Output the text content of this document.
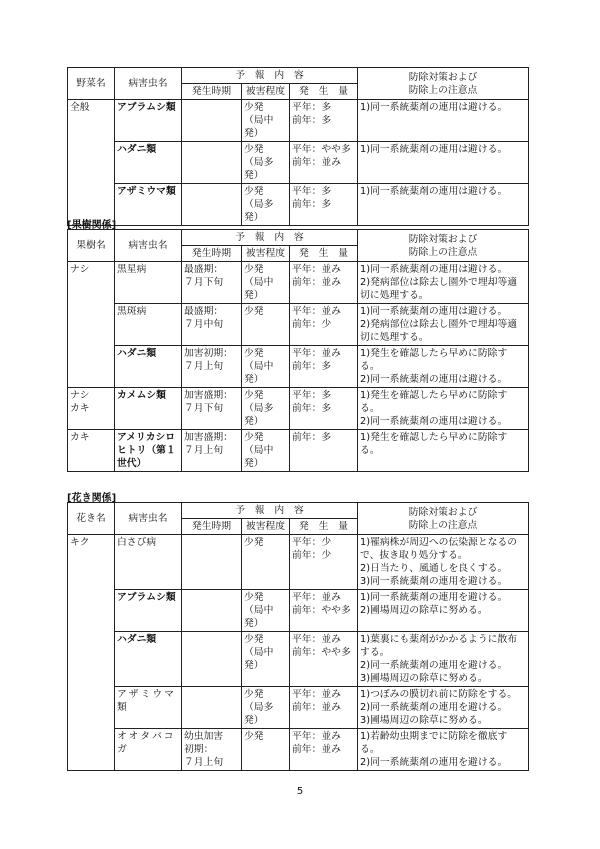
野菜名	病害虫名	予　報　内　容			防除対策および
防除上の注意点
		発生時期	被害程度	発　生　量	
全般	アブラムシ類		少発
（局中発）	平年：多
前年：多	1)同一系統薬剤の連用は避ける。
	ハダニ類		少発
（局多発）	平年：やや多
前年：並み	1)同一系統薬剤の連用は避ける。
	アザミウマ類		少発
（局多発）	平年：多
前年：多	1)同一系統薬剤の連用は避ける。
[果樹関係]
果樹名	病害虫名	予　報　内　容			防除対策および
防除上の注意点
		発生時期	被害程度	発　生　量	
ナシ	黒星病	最盛期：
７月下旬	少発
（局中発）	平年：並み
前年：並み	1)同一系統薬剤の連用は避ける。
2)発病部位は除去し園外で埋却等適
切に処理する。
	黒斑病	最盛期：
７月中旬	少発	平年：並み
前年：少	1)同一系統薬剤の連用は避ける。
2)発病部位は除去し園外で埋却等適
切に処理する。
	ハダニ類	加害初期：
７月上旬	少発
（局中発）	平年：並み
前年：多	1)発生を確認したら早めに防除す
る。
2)同一系統薬剤の連用は避ける。
ナシ
カキ	カメムシ類	加害盛期：
７月下旬	少発
（局多発）	平年：多
前年：多	1)発生を確認したら早めに防除す
る。
2)同一系統薬剤の連用は避ける。
カキ	アメリカシロヒトリ（第１世代）	加害盛期：
７月上旬	少発
（局中発）	前年：多	1)発生を確認したら早めに防除す
る。
[花き関係]
花き名	病害虫名	予　報　内　容			防除対策および
防除上の注意点
		発生時期	被害程度	発　生　量	
キク	白さび病		少発	平年：少
前年：少	1)罹病株が周辺への伝染源となるの
で、抜き取り処分する。
2)日当たり、風通しを良くする。
3)同一系統薬剤の連用を避ける。
	アブラムシ類		少発
（局中発）	平年：並み
前年：やや多	1)同一系統薬剤の連用を避ける。
2)圃場周辺の除草に努める。
	ハダニ類		少発
（局中発）	平年：並み
前年：やや多	1)葉裏にも薬剤がかかるように散布
する。
2)同一系統薬剤の連用を避ける。
3)圃場周辺の除草に努める。
	アザミウマ類		少発
（局多発）	平年：並み
前年：並み	1)つぼみの膜切れ前に防除をする。
2)同一系統薬剤の連用を避ける。
3)圃場周辺の除草に努める。
	オオタバコガ	幼虫加害
初期：
７月上旬	少発	平年：並み
前年：並み	1)若齢幼虫期までに防除を徹底す
る。
2)同一系統薬剤の連用を避ける。
5
